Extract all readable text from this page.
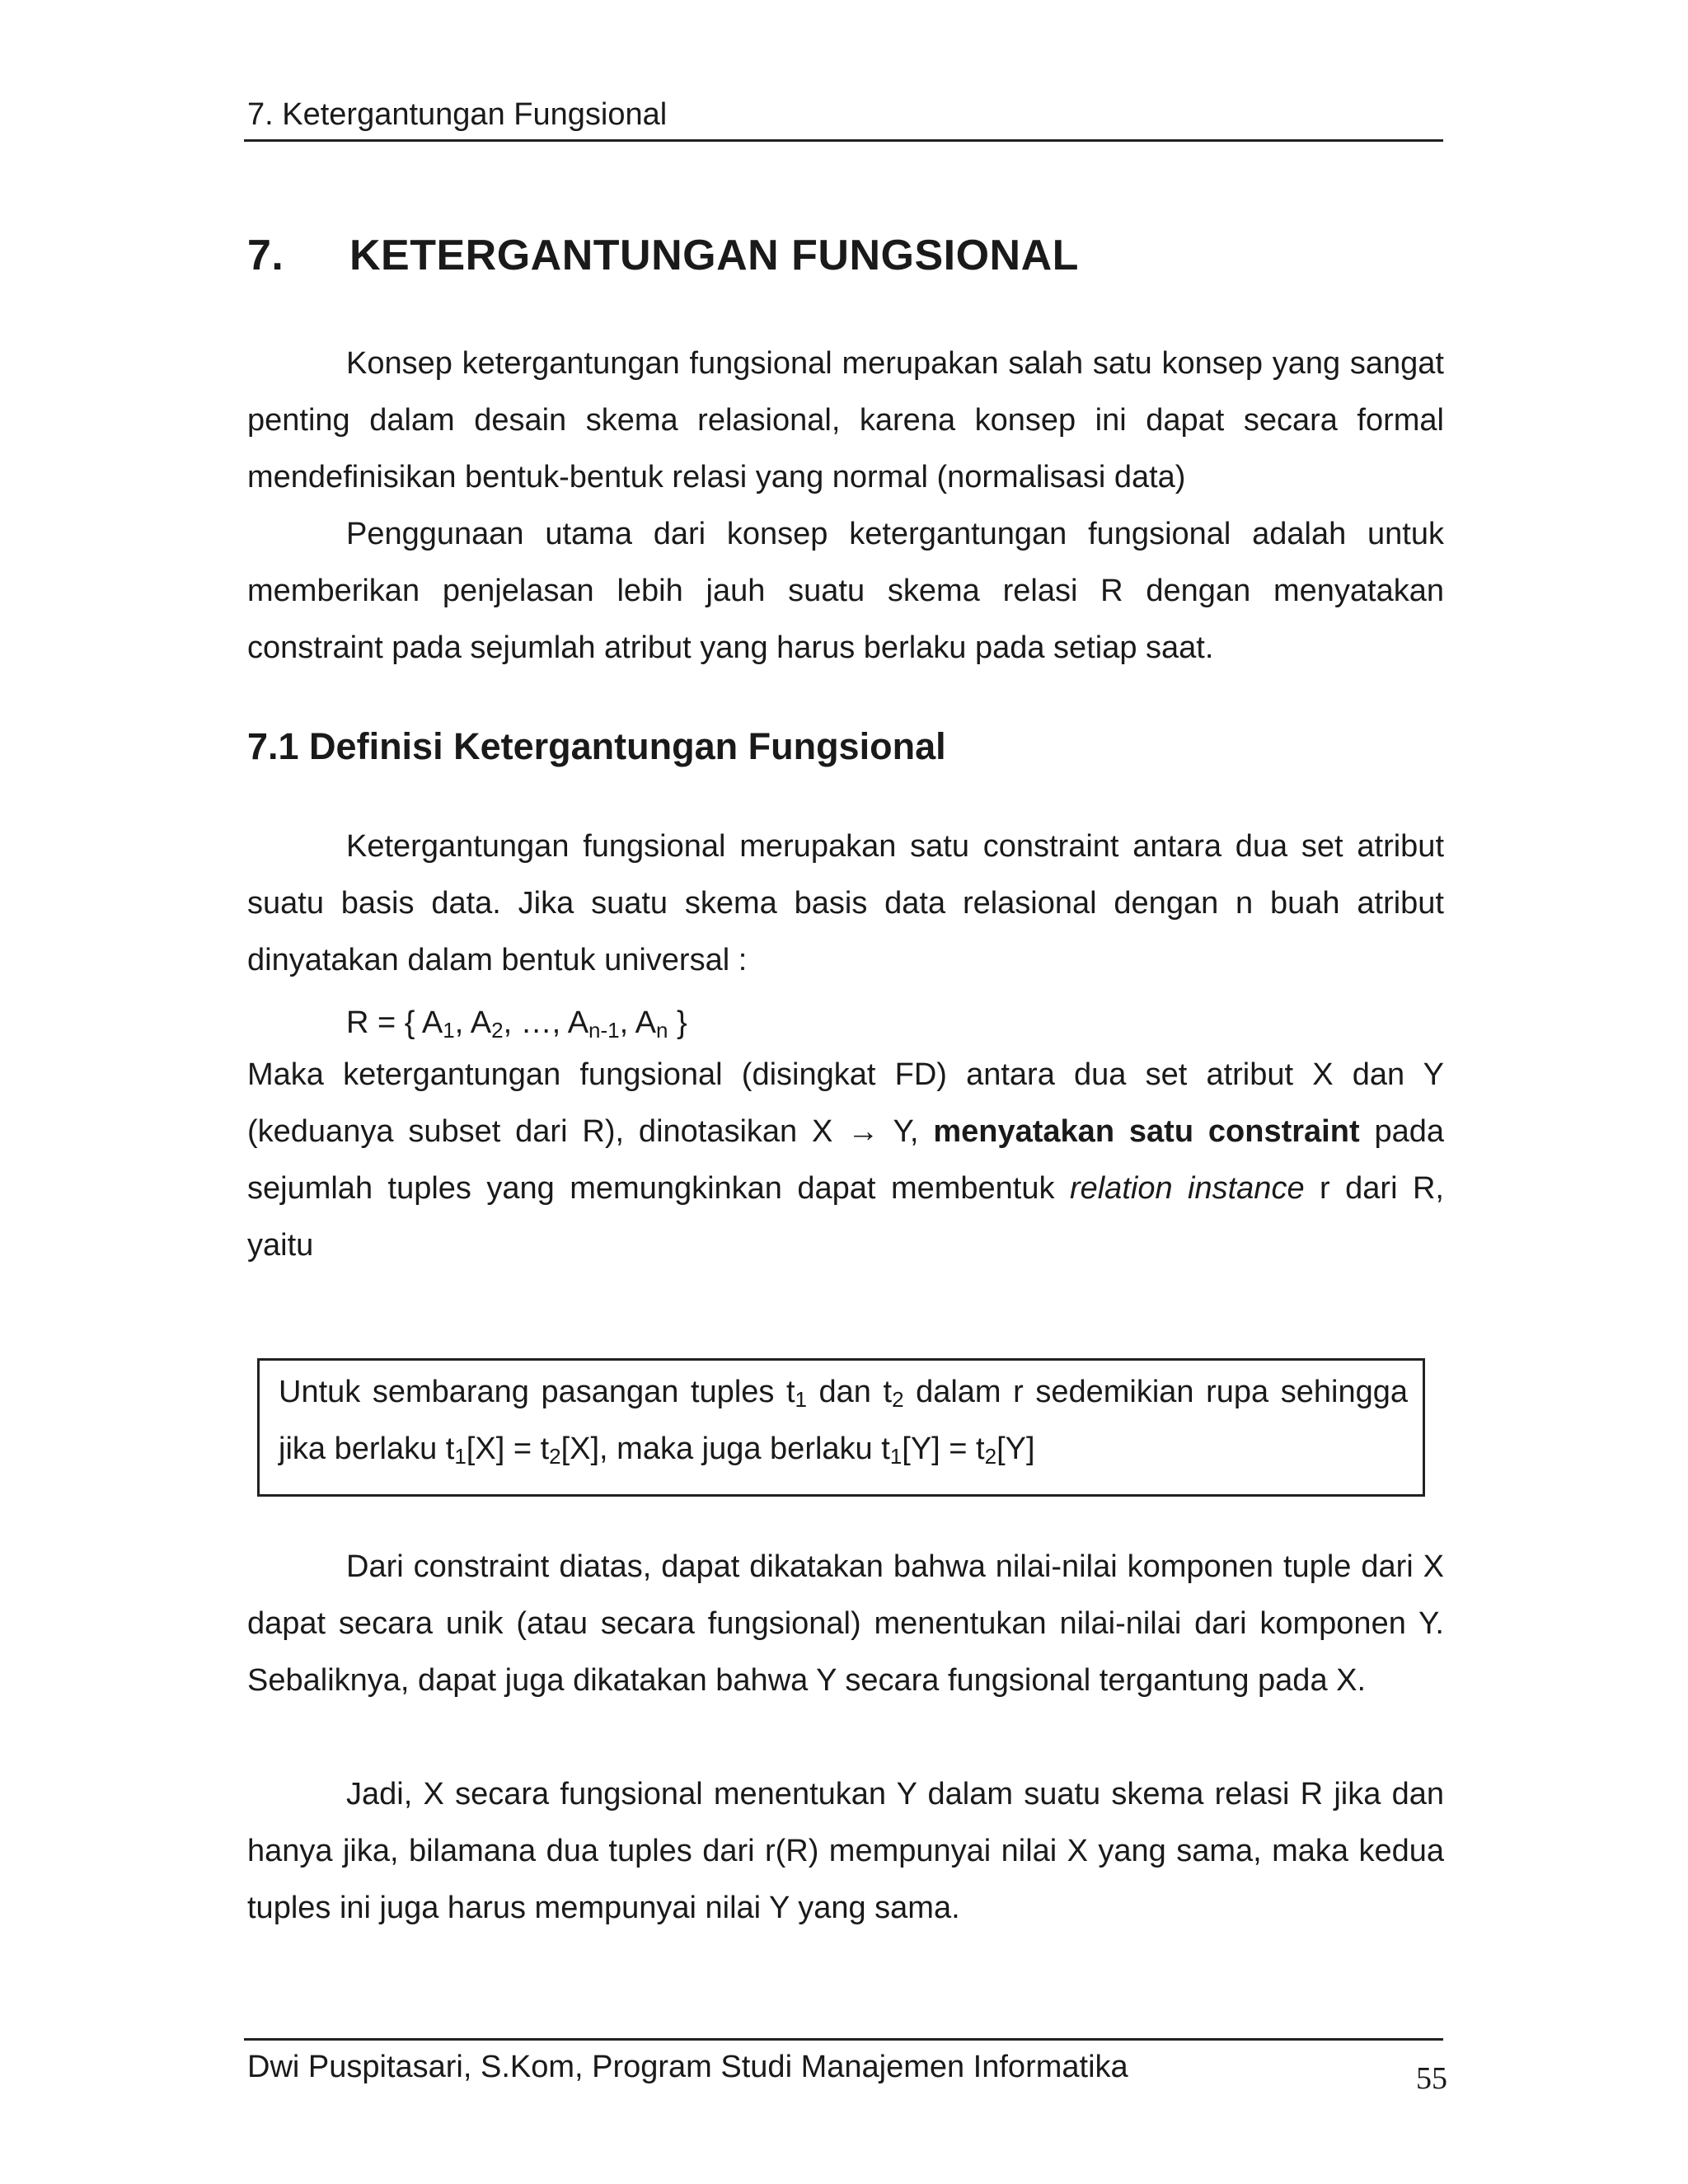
7. Ketergantungan Fungsional
7. KETERGANTUNGAN FUNGSIONAL
Konsep ketergantungan fungsional merupakan salah satu konsep yang sangat penting dalam desain skema relasional, karena konsep ini dapat secara formal mendefinisikan bentuk-bentuk relasi yang normal (normalisasi data)
Penggunaan utama dari konsep ketergantungan fungsional adalah untuk memberikan penjelasan lebih jauh suatu skema relasi R dengan menyatakan constraint pada sejumlah atribut yang harus berlaku pada setiap saat.
7.1 Definisi Ketergantungan Fungsional
Ketergantungan fungsional merupakan satu constraint antara dua set atribut suatu basis data. Jika suatu skema basis data relasional dengan n buah atribut dinyatakan dalam bentuk universal :
R = { $A_1$, $A_2$, …, $A_{n-1}$, $A_n$ }
Maka ketergantungan fungsional (disingkat FD) antara dua set atribut X dan Y (keduanya subset dari R), dinotasikan X → Y, menyatakan satu constraint pada sejumlah tuples yang memungkinkan dapat membentuk relation instance r dari R, yaitu
Untuk sembarang pasangan tuples $t_1$ dan $t_2$ dalam r sedemikian rupa sehingga jika berlaku $t_1[X] = t_2[X]$, maka juga berlaku $t_1[Y] = t_2[Y]$
Dari constraint diatas, dapat dikatakan bahwa nilai-nilai komponen tuple dari X dapat secara unik (atau secara fungsional) menentukan nilai-nilai dari komponen Y. Sebaliknya, dapat juga dikatakan bahwa Y secara fungsional tergantung pada X.
Jadi, X secara fungsional menentukan Y dalam suatu skema relasi R jika dan hanya jika, bilamana dua tuples dari r(R) mempunyai nilai X yang sama, maka kedua tuples ini juga harus mempunyai nilai Y yang sama.
Dwi Puspitasari, S.Kom, Program Studi Manajemen Informatika	55
